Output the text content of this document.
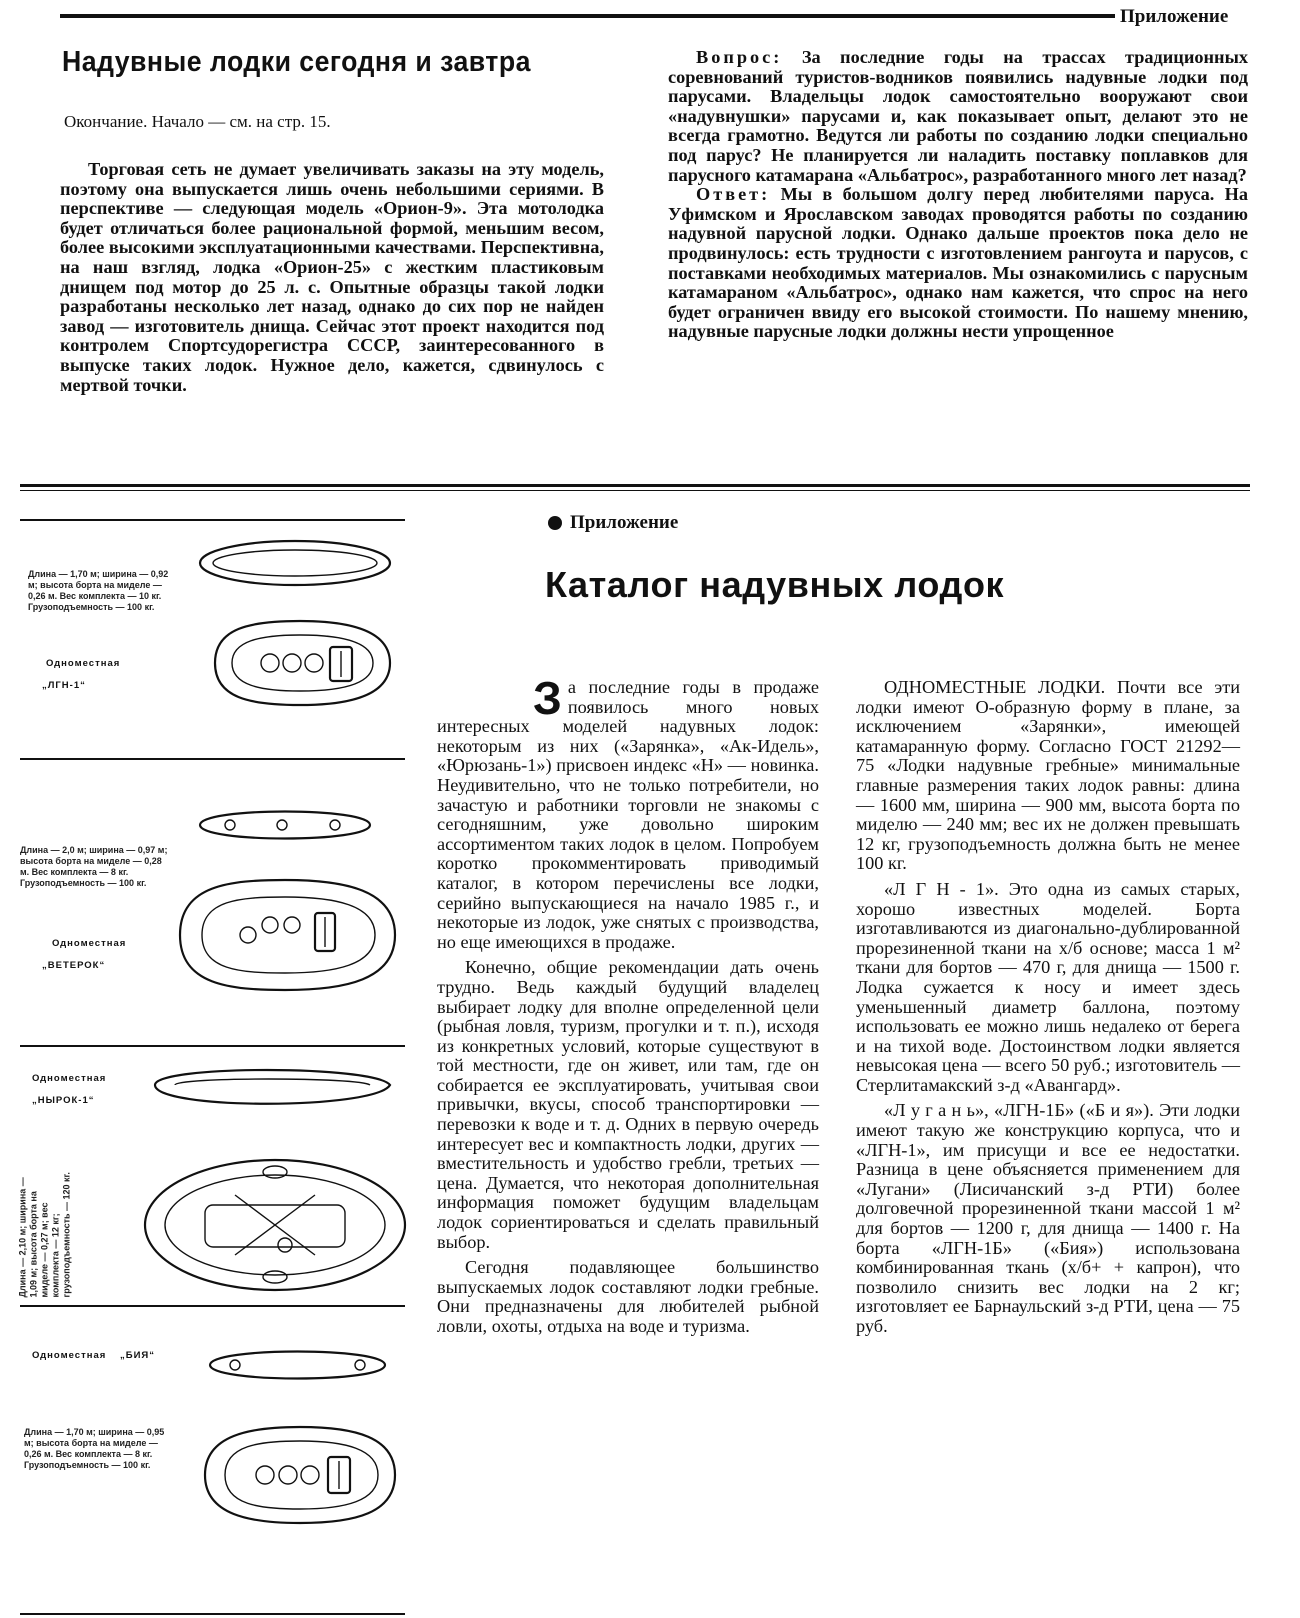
Приложение
Надувные лодки сегодня и завтра
Окончание. Начало — см. на стр. 15.

Торговая сеть не думает увеличивать заказы на эту модель, поэтому она выпускается лишь очень небольшими сериями. В перспективе — следующая модель «Орион-9». Эта мотолодка будет отличаться более рациональной формой, меньшим весом, более высокими эксплуатационными качествами. Перспективна, на наш взгляд, лодка «Орион-25» с жестким пластиковым днищем под мотор до 25 л. с. Опытные образцы такой лодки разработаны несколько лет назад, однако до сих пор не найден завод — изготовитель днища. Сейчас этот проект находится под контролем Спортсудорегистра СССР, заинтересованного в выпуске таких лодок. Нужное дело, кажется, сдвинулось с мертвой точки.

Вопрос: За последние годы на трассах традиционных соревнований туристов-водников появились надувные лодки под парусами. Владельцы лодок самостоятельно вооружают свои «надувнушки» парусами и, как показывает опыт, делают это не всегда грамотно. Ведутся ли работы по созданию лодки специально под парус? Не планируется ли наладить поставку поплавков для парусного катамарана «Альбатрос», разработанного много лет назад?

Ответ: Мы в большом долгу перед любителями паруса. На Уфимском и Ярославском заводах проводятся работы по созданию надувной парусной лодки. Однако дальше проектов пока дело не продвинулось: есть трудности с изготовлением рангоута и парусов, с поставками необходимых материалов. Мы ознакомились с парусным катамараном «Альбатрос», однако нам кажется, что спрос на него будет ограничен ввиду его высокой стоимости. По нашему мнению, надувные парусные лодки должны нести упрощенное

Длина — 1,70 м; ширина — 0,92 м; высота борта на миделе — 0,26 м. Вес комплекта — 10 кг. Грузоподъемность — 100 кг.
Одноместная
„ЛГН-1“
Длина — 2,0 м; ширина — 0,97 м; высота борта на миделе — 0,28 м. Вес комплекта — 8 кг. Грузоподъемность — 100 кг.
Одноместная
„ВЕТЕРОК“
Одноместная
„НЫРОК-1“
Длина — 2,10 м; ширина — 1,09 м; высота борта на миделе — 0,27 м; вес комплекта — 12 кг; грузоподъемность — 120 кг.
Одноместная „БИЯ“
Длина — 1,70 м; ширина — 0,95 м; высота борта на миделе — 0,26 м. Вес комплекта — 8 кг. Грузоподъемность — 100 кг.
Приложение
Каталог надувных лодок

За последние годы в продаже появилось много новых интересных моделей надувных лодок: некоторым из них («Зарянка», «Ак-Идель», «Юрюзань-1») присвоен индекс «Н» — новинка. Неудивительно, что не только потребители, но зачастую и работники торговли не знакомы с сегодняшним, уже довольно широким ассортиментом таких лодок в целом. Попробуем коротко прокомментировать приводимый каталог, в котором перечислены все лодки, серийно выпускающиеся на начало 1985 г., и некоторые из лодок, уже снятых с производства, но еще имеющихся в продаже.

Конечно, общие рекомендации дать очень трудно. Ведь каждый будущий владелец выбирает лодку для вполне определенной цели (рыбная ловля, туризм, прогулки и т. п.), исходя из конкретных условий, которые существуют в той местности, где он живет, или там, где он собирается ее эксплуатировать, учитывая свои привычки, вкусы, способ транспортировки — перевозки к воде и т. д. Одних в первую очередь интересует вес и компактность лодки, других — вместительность и удобство гребли, третьих — цена. Думается, что некоторая дополнительная информация поможет будущим владельцам лодок сориентироваться и сделать правильный выбор.

Сегодня подавляющее большинство выпускаемых лодок составляют лодки гребные. Они предназначены для любителей рыбной ловли, охоты, отдыха на воде и туризма.

ОДНОМЕСТНЫЕ ЛОДКИ. Почти все эти лодки имеют О-образную форму в плане, за исключением «Зарянки», имеющей катамаранную форму. Согласно ГОСТ 21292—75 «Лодки надувные гребные» минимальные главные размерения таких лодок равны: длина — 1600 мм, ширина — 900 мм, высота борта по миделю — 240 мм; вес их не должен превышать 12 кг, грузоподъемность должна быть не менее 100 кг.

«Л Г Н - 1». Это одна из самых старых, хорошо известных моделей. Борта изготавливаются из диагонально-дублированной прорезиненной ткани на х/б основе; масса 1 м² ткани для бортов — 470 г, для днища — 1500 г. Лодка сужается к носу и имеет здесь уменьшенный диаметр баллона, поэтому использовать ее можно лишь недалеко от берега и на тихой воде. Достоинством лодки является невысокая цена — всего 50 руб.; изготовитель — Стерлитамакский з-д «Авангард».

«Л у г а н ь», «ЛГН-1Б» («Б и я»). Эти лодки имеют такую же конструкцию корпуса, что и «ЛГН-1», им присущи и все ее недостатки. Разница в цене объясняется применением для «Лугани» (Лисичанский з-д РТИ) более долговечной прорезиненной ткани массой 1 м² для бортов — 1200 г, для днища — 1400 г. На борта «ЛГН-1Б» («Бия») использована комбинированная ткань (х/б+ + капрон), что позволило снизить вес лодки на 2 кг; изготовляет ее Барнаульский з-д РТИ, цена — 75 руб.
